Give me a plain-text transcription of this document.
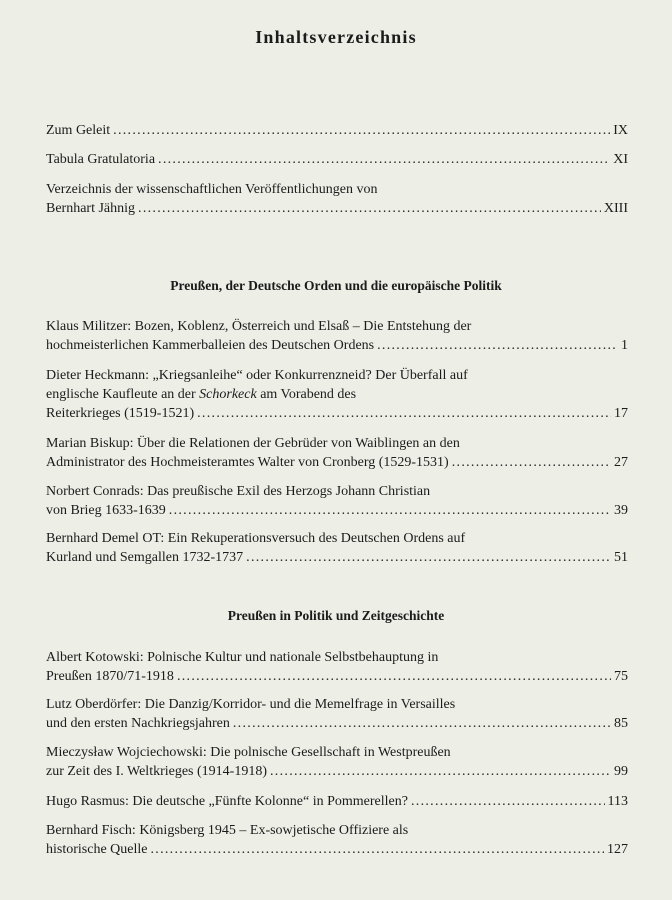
Inhaltsverzeichnis
Zum Geleit .....	IX
Tabula Gratulatoria .....	XI
Verzeichnis der wissenschaftlichen Veröffentlichungen von
Bernhart Jähnig .....	XIII
Preußen, der Deutsche Orden und die europäische Politik
Klaus Militzer: Bozen, Koblenz, Österreich und Elsaß – Die Entstehung der
hochmeisterlichen Kammerballeien des Deutschen Ordens .....	1
Dieter Heckmann: „Kriegsanleihe“ oder Konkurrenzneid? Der Überfall auf
englische Kaufleute an der Schorkeck am Vorabend des
Reiterkrieges (1519-1521) .....	17
Marian Biskup: Über die Relationen der Gebrüder von Waiblingen an den
Administrator des Hochmeisteramtes Walter von Cronberg (1529-1531) .....	27
Norbert Conrads: Das preußische Exil des Herzogs Johann Christian
von Brieg 1633-1639 .....	39
Bernhard Demel OT: Ein Rekuperationsversuch des Deutschen Ordens auf
Kurland und Semgallen 1732-1737 .....	51
Preußen in Politik und Zeitgeschichte
Albert Kotowski: Polnische Kultur und nationale Selbstbehauptung in
Preußen 1870/71-1918 .....	75
Lutz Oberdörfer: Die Danzig/Korridor- und die Memelfrage in Versailles
und den ersten Nachkriegsjahren .....	85
Mieczysław Wojciechowski: Die polnische Gesellschaft in Westpreußen
zur Zeit des I. Weltkrieges (1914-1918) .....	99
Hugo Rasmus: Die deutsche „Fünfte Kolonne“ in Pommerellen? .....	113
Bernhard Fisch: Königsberg 1945 – Ex-sowjetische Offiziere als
historische Quelle .....	127
